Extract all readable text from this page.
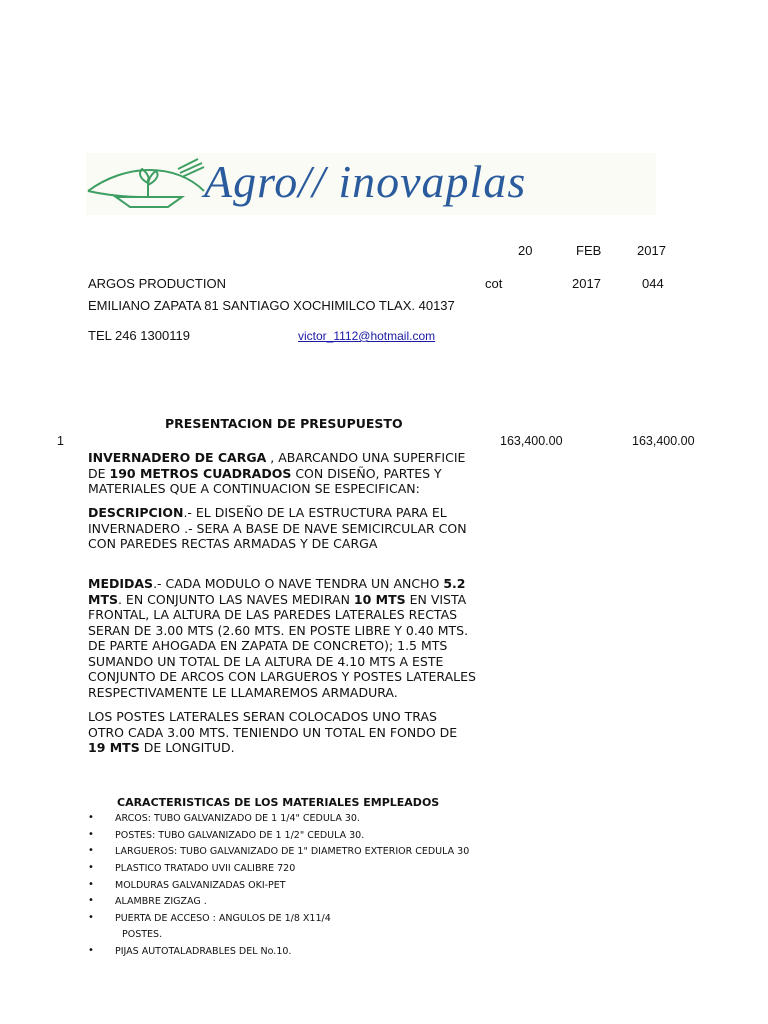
Agro// inovaplas
20	FEB	2017
ARGOS PRODUCTION	cot	2017	044
EMILIANO ZAPATA 81 SANTIAGO XOCHIMILCO TLAX. 40137
TEL 246 1300119	victor_1112@hotmail.com
PRESENTACION DE PRESUPUESTO
1	163,400.00	163,400.00
INVERNADERO DE CARGA , ABARCANDO UNA SUPERFICIE
DE 190 METROS CUADRADOS CON DISEÑO, PARTES Y
MATERIALES QUE A CONTINUACION SE ESPECIFICAN:
DESCRIPCION.- EL DISEÑO DE LA ESTRUCTURA PARA EL
INVERNADERO .- SERA A BASE DE NAVE SEMICIRCULAR CON
CON PAREDES RECTAS ARMADAS Y DE CARGA
MEDIDAS.- CADA MODULO O NAVE TENDRA UN ANCHO 5.2
MTS. EN CONJUNTO LAS NAVES MEDIRAN 10 MTS EN VISTA
FRONTAL, LA ALTURA DE LAS PAREDES LATERALES RECTAS
SERAN DE 3.00 MTS (2.60 MTS. EN POSTE LIBRE Y 0.40 MTS.
DE PARTE AHOGADA EN ZAPATA DE CONCRETO); 1.5 MTS
SUMANDO UN TOTAL DE LA ALTURA DE 4.10 MTS A ESTE
CONJUNTO DE ARCOS CON LARGUEROS Y POSTES LATERALES
RESPECTIVAMENTE LE LLAMAREMOS ARMADURA.
LOS POSTES LATERALES SERAN COLOCADOS UNO TRAS
OTRO CADA 3.00 MTS. TENIENDO UN TOTAL EN FONDO DE
19 MTS DE LONGITUD.
CARACTERISTICAS DE LOS MATERIALES EMPLEADOS
• ARCOS: TUBO GALVANIZADO DE 1 1/4" CEDULA 30.
• POSTES: TUBO GALVANIZADO DE 1 1/2" CEDULA 30.
• LARGUEROS: TUBO GALVANIZADO DE 1" DIAMETRO EXTERIOR CEDULA 30
• PLASTICO TRATADO UVII CALIBRE 720
• MOLDURAS GALVANIZADAS OKI-PET
• ALAMBRE ZIGZAG .
• PUERTA DE ACCESO : ANGULOS DE 1/8 X11/4
POSTES.
• PIJAS AUTOTALADRABLES DEL No.10.
